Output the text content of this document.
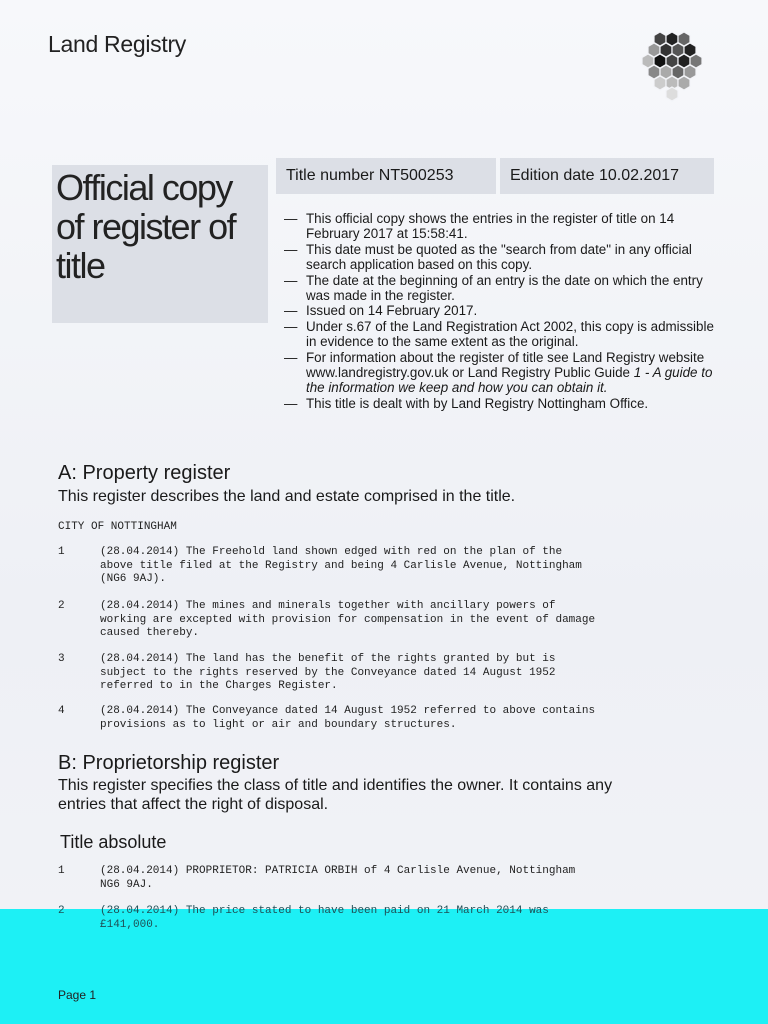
Land Registry
Official copy
of register of
title
Title number NT500253	Edition date 10.02.2017
— This official copy shows the entries in the register of title on 14 February 2017 at 15:58:41.
— This date must be quoted as the "search from date" in any official search application based on this copy.
— The date at the beginning of an entry is the date on which the entry was made in the register.
— Issued on 14 February 2017.
— Under s.67 of the Land Registration Act 2002, this copy is admissible in evidence to the same extent as the original.
— For information about the register of title see Land Registry website www.landregistry.gov.uk or Land Registry Public Guide 1 - A guide to the information we keep and how you can obtain it.
— This title is dealt with by Land Registry Nottingham Office.
A: Property register

This register describes the land and estate comprised in the title.

CITY OF NOTTINGHAM
1	(28.04.2014) The Freehold land shown edged with red on the plan of the
above title filed at the Registry and being 4 Carlisle Avenue, Nottingham
(NG6 9AJ).
2	(28.04.2014) The mines and minerals together with ancillary powers of
working are excepted with provision for compensation in the event of damage
caused thereby.
3	(28.04.2014) The land has the benefit of the rights granted by but is
subject to the rights reserved by the Conveyance dated 14 August 1952
referred to in the Charges Register.
4	(28.04.2014) The Conveyance dated 14 August 1952 referred to above contains
provisions as to light or air and boundary structures.
B: Proprietorship register

This register specifies the class of title and identifies the owner. It contains any
entries that affect the right of disposal.

Title absolute
1	(28.04.2014) PROPRIETOR: PATRICIA ORBIH of 4 Carlisle Avenue, Nottingham
NG6 9AJ.
2	(28.04.2014) The price stated to have been paid on 21 March 2014 was
£141,000.
Page 1
